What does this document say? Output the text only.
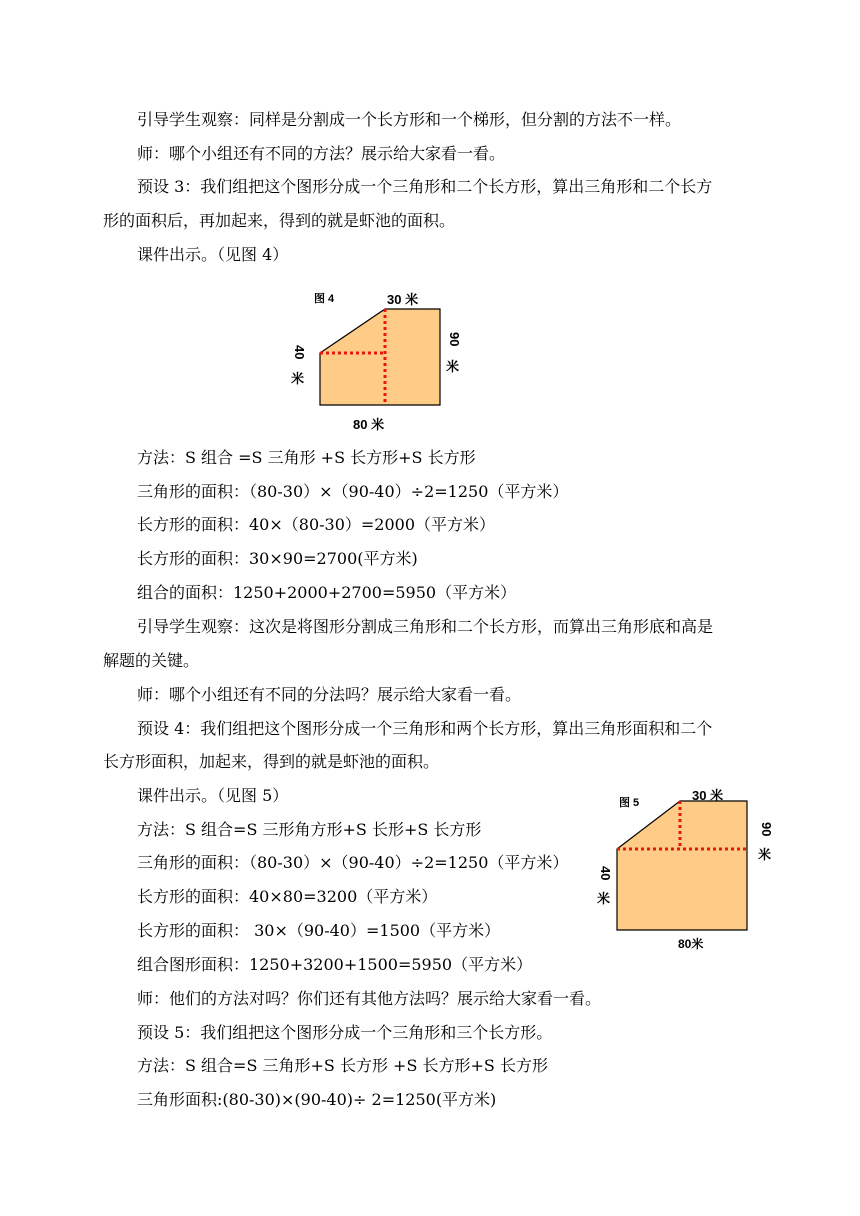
引导学生观察：同样是分割成一个长方形和一个梯形，但分割的方法不一样。
师：哪个小组还有不同的方法？展示给大家看一看。
预设 3：我们组把这个图形分成一个三角形和二个长方形，算出三角形和二个长方
形的面积后，再加起来，得到的就是虾池的面积。
课件出示。（见图 4）
图 4	30 米
40
米
90
米
80 米
方法：S 组合 =S 三角形 +S 长方形+S 长方形
三角形的面积：（80-30）×（90-40）÷2=1250（平方米）
长方形的面积：40×（80-30）=2000（平方米）
长方形的面积：30×90=2700(平方米)
组合的面积：1250+2000+2700=5950（平方米）
引导学生观察：这次是将图形分割成三角形和二个长方形，而算出三角形底和高是
解题的关键。
师：哪个小组还有不同的分法吗？展示给大家看一看。
预设 4：我们组把这个图形分成一个三角形和两个长方形，算出三角形面积和二个
长方形面积，加起来，得到的就是虾池的面积。
课件出示。（见图 5）
方法：S 组合=S 三形角方形+S 长形+S 长方形
三角形的面积：（80-30）×（90-40）÷2=1250（平方米）
长方形的面积：40×80=3200（平方米）
长方形的面积： 30×（90-40）=1500（平方米）
组合图形面积：1250+3200+1500=5950（平方米）
师：他们的方法对吗？你们还有其他方法吗？展示给大家看一看。
预设 5：我们组把这个图形分成一个三角形和三个长方形。
方法：S 组合=S 三角形+S 长方形 +S 长方形+S 长方形
三角形面积:(80-30)×(90-40)÷ 2=1250(平方米)
图 5	30 米
40
米
90
米
80米
